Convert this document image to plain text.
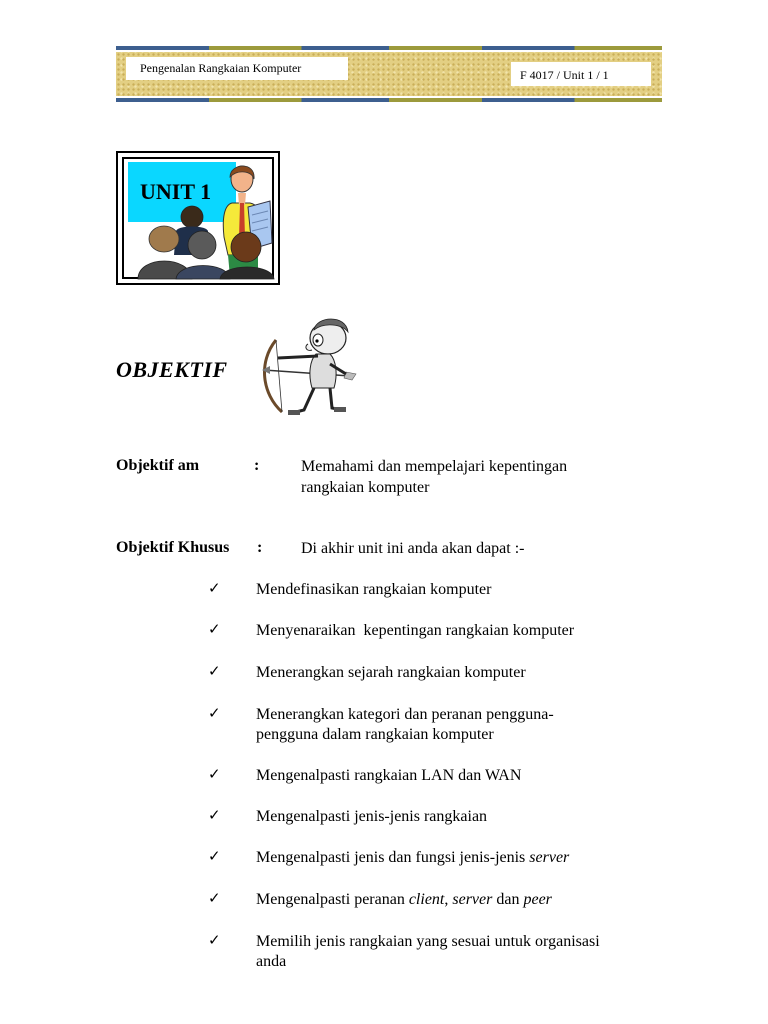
Pengenalan Rangkaian Komputer	F 4017 / Unit 1 / 1
UNIT 1
OBJEKTIF
Objektif am	:	Memahami dan mempelajari kepentingan
rangkaian komputer
Objektif Khusus : Di akhir unit ini anda akan dapat :-
✓ Mendefinasikan rangkaian komputer
✓ Menyenaraikan  kepentingan rangkaian komputer
✓ Menerangkan sejarah rangkaian komputer
✓ Menerangkan kategori dan peranan pengguna-
pengguna dalam rangkaian komputer
✓ Mengenalpasti rangkaian LAN dan WAN
✓ Mengenalpasti jenis-jenis rangkaian
✓ Mengenalpasti jenis dan fungsi jenis-jenis server
✓ Mengenalpasti peranan client, server dan peer
✓ Memilih jenis rangkaian yang sesuai untuk organisasi
anda
